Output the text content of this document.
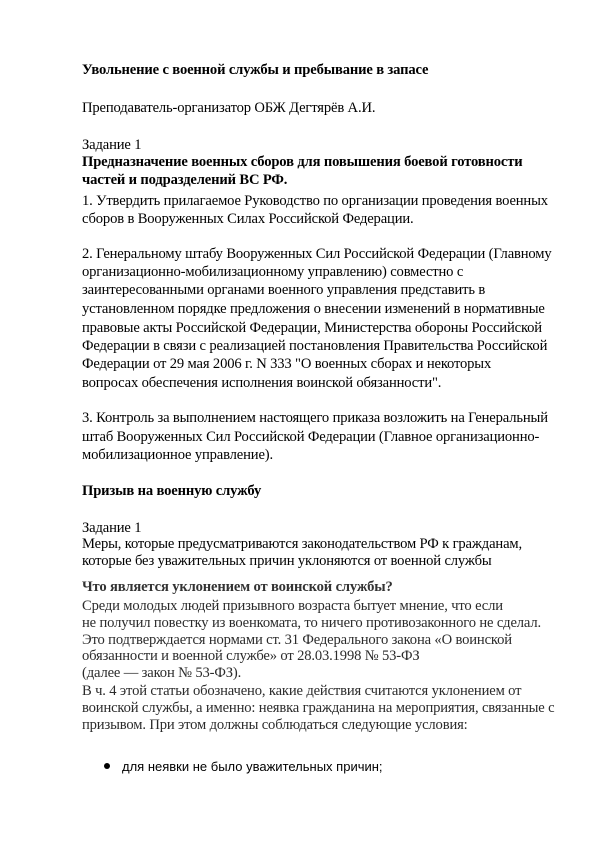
Увольнение с военной службы и пребывание в запасе
Преподаватель-организатор ОБЖ Дегтярёв А.И.
Задание 1
Предназначение военных сборов для повышения боевой готовности
частей и подразделений ВС РФ.
1. Утвердить прилагаемое Руководство по организации проведения военных
сборов в Вооруженных Силах Российской Федерации.
2. Генеральному штабу Вооруженных Сил Российской Федерации (Главному
организационно-мобилизационному управлению) совместно с
заинтересованными органами военного управления представить в
установленном порядке предложения о внесении изменений в нормативные
правовые акты Российской Федерации, Министерства обороны Российской
Федерации в связи с реализацией постановления Правительства Российской
Федерации от 29 мая 2006 г. N 333 "О военных сборах и некоторых
вопросах обеспечения исполнения воинской обязанности".
3. Контроль за выполнением настоящего приказа возложить на Генеральный
штаб Вооруженных Сил Российской Федерации (Главное организационно-
мобилизационное управление).
Призыв на военную службу
Задание 1
Меры, которые предусматриваются законодательством РФ к гражданам,
которые без уважительных причин уклоняются от военной службы
Что является уклонением от воинской службы?
Среди молодых людей призывного возраста бытует мнение, что если
не получил повестку из военкомата, то ничего противозаконного не сделал.
Это подтверждается нормами ст. 31 Федерального закона «О воинской
обязанности и военной службе» от 28.03.1998 № 53-ФЗ
(далее — закон № 53-ФЗ).
В ч. 4 этой статьи обозначено, какие действия считаются уклонением от
воинской службы, а именно: неявка гражданина на мероприятия, связанные с
призывом. При этом должны соблюдаться следующие условия:
для неявки не было уважительных причин;
